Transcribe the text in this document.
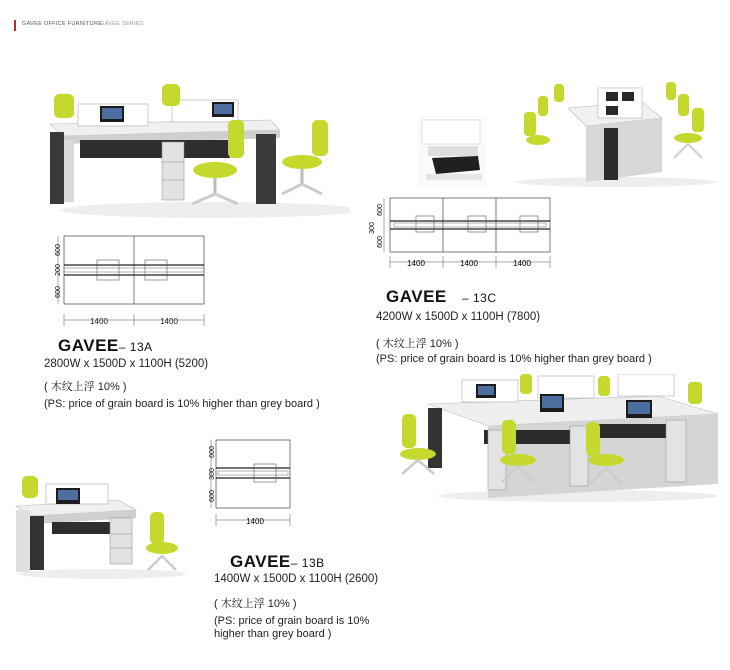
GAVEE OFFICE FURNITURE
GAVEE SERIES
600
200
600
1400	1400
GAVEE– 13A
2800W x 1500D x 1100H (5200)
( 木纹上浮 10% )
(PS: price of grain board is 10% higher than grey board )
600
300
600
1400	1400	1400
GAVEE – 13C
4200W x 1500D x 1100H (7800)
( 木纹上浮 10% )
(PS: price of grain board is 10% higher than grey board )
600
300
600
1400
GAVEE– 13B
1400W x 1500D x 1100H (2600)
( 木纹上浮 10% )
(PS: price of grain board is 10%
higher than grey board )
